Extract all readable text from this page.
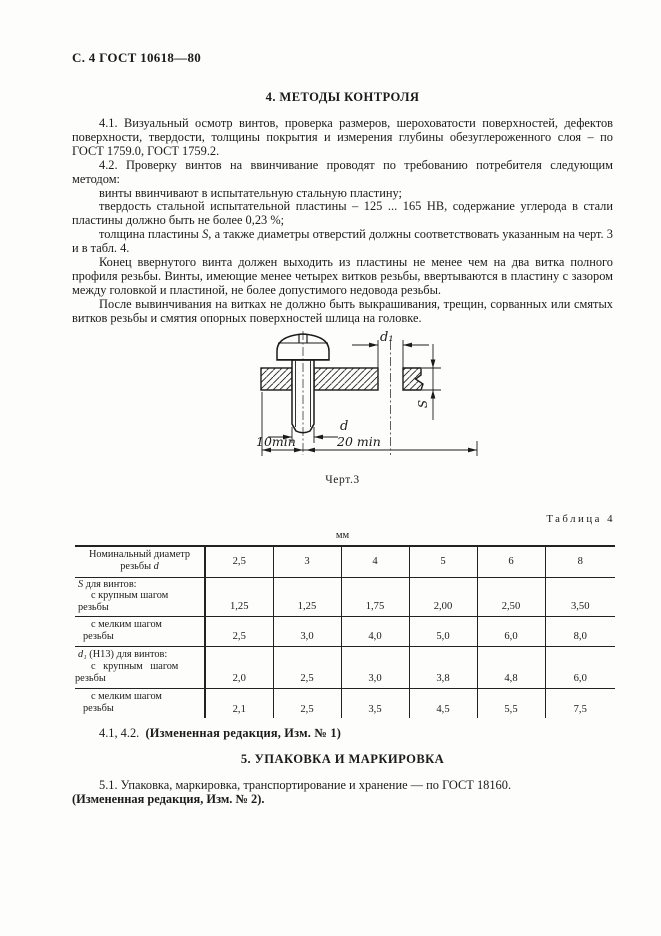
С. 4 ГОСТ 10618—80
4. МЕТОДЫ КОНТРОЛЯ

4.1. Визуальный осмотр винтов, проверка размеров, шероховатости поверхностей, дефектов поверхности, твердости, толщины покрытия и измерения глубины обезуглероженного слоя – по ГОСТ 1759.0, ГОСТ 1759.2.

4.2. Проверку винтов на ввинчивание проводят по требованию потребителя следующим методом:

винты ввинчивают в испытательную стальную пластину;

твердость стальной испытательной пластины – 125 ... 165 НВ, содержание углерода в стали пластины должно быть не более 0,23 %;

толщина пластины S, а также диаметры отверстий должны соответствовать указанным на черт. 3 и в табл. 4.

Конец ввернутого винта должен выходить из пластины не менее чем на два витка полного профиля резьбы. Винты, имеющие менее четырех витков резьбы, ввертываются в пластину с зазором между головкой и пластиной, не более допустимого недовода резьбы.

После вывинчивания на витках не должно быть выкрашивания, трещин, сорванных или смятых витков резьбы и смятия опорных поверхностей шлица на головке.

d₁
S
d
10min	20 min
Черт.3
Таблица 4
мм
Номинальный диаметр
резьбы d	2,5	3	4	5	6	8

S для винтов:
с крупным шагом
резьбы	1,25	1,25	1,75	2,00	2,50	3,50

с мелким шагом
резьбы	2,5	3,0	4,0	5,0	6,0	8,0

d₁ (Н13) для винтов:
с крупным шагом
резьбы	2,0	2,5	3,0	3,8	4,8	6,0

с мелким шагом
резьбы	2,1	2,5	3,5	4,5	5,5	7,5

4.1, 4.2. (Измененная редакция, Изм. № 1)

5. УПАКОВКА И МАРКИРОВКА

5.1. Упаковка, маркировка, транспортирование и хранение — по ГОСТ 18160.

(Измененная редакция, Изм. № 2).
